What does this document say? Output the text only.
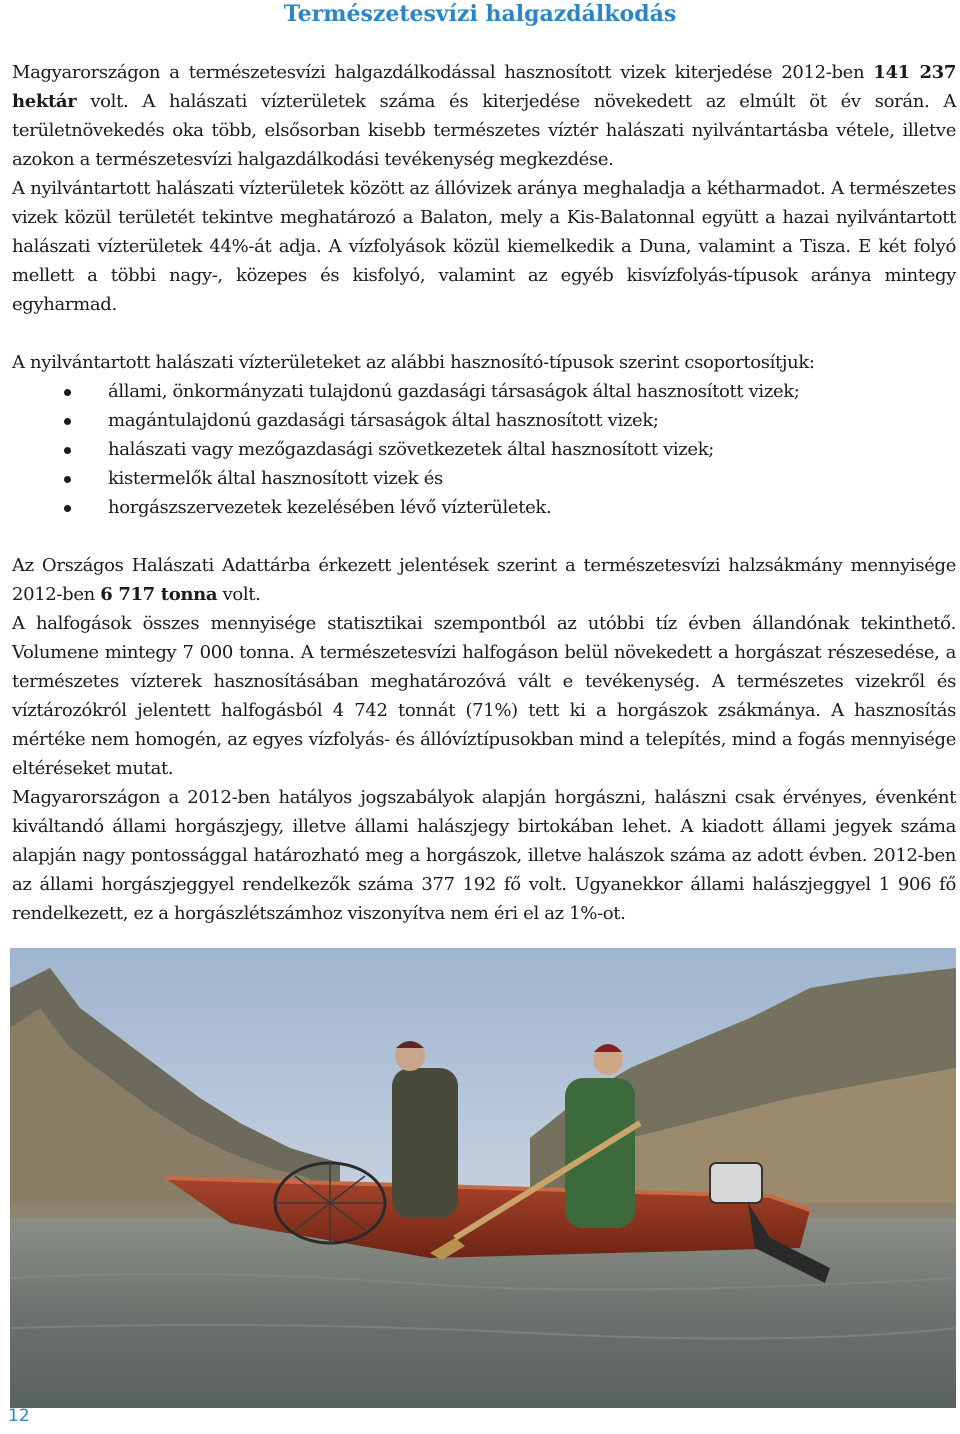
Természetesvízi halgazdálkodás

Magyarországon a természetesvízi halgazdálkodással hasznosított vizek kiterjedése 2012-ben 141 237 hektár volt. A halászati vízterületek száma és kiterjedése növekedett az elmúlt öt év során. A területnövekedés oka több, elsősorban kisebb természetes víztér halászati nyilvántartásba vétele, illetve azokon a természetesvízi halgazdálkodási tevékenység megkezdése.

A nyilvántartott halászati vízterületek között az állóvizek aránya meghaladja a kétharmadot. A természetes vizek közül területét tekintve meghatározó a Balaton, mely a Kis-Balatonnal együtt a hazai nyilvántartott halászati vízterületek 44%-át adja. A vízfolyások közül kiemelkedik a Duna, valamint a Tisza. E két folyó mellett a többi nagy-, közepes és kisfolyó, valamint az egyéb kisvízfolyás-típusok aránya mintegy egyharmad.

A nyilvántartott halászati vízterületeket az alábbi hasznosító-típusok szerint csoportosítjuk:

állami, önkormányzati tulajdonú gazdasági társaságok által hasznosított vizek;
magántulajdonú gazdasági társaságok által hasznosított vizek;
halászati vagy mezőgazdasági szövetkezetek által hasznosított vizek;
kistermelők által hasznosított vizek és
horgászszervezetek kezelésében lévő vízterületek.

Az Országos Halászati Adattárba érkezett jelentések szerint a természetesvízi halzsákmány mennyisége 2012-ben 6 717 tonna volt.

A halfogások összes mennyisége statisztikai szempontból az utóbbi tíz évben állandónak tekinthető. Volumene mintegy 7 000 tonna. A természetesvízi halfogáson belül növekedett a horgászat részesedése, a természetes vízterek hasznosításában meghatározóvá vált e tevékenység. A természetes vizekről és víztározókról jelentett halfogásból 4 742 tonnát (71%) tett ki a horgászok zsákmánya. A hasznosítás mértéke nem homogén, az egyes vízfolyás- és állóvíztípusokban mind a telepítés, mind a fogás mennyisége eltéréseket mutat.

Magyarországon a 2012-ben hatályos jogszabályok alapján horgászni, halászni csak érvényes, évenként kiváltandó állami horgászjegy, illetve állami halászjegy birtokában lehet. A kiadott állami jegyek száma alapján nagy pontossággal határozható meg a horgászok, illetve halászok száma az adott évben. 2012-ben az állami horgászjeggyel rendelkezők száma 377 192 fő volt. Ugyanekkor állami halászjeggyel 1 906 fő rendelkezett, ez a horgászlétszámhoz viszonyítva nem éri el az 1%-ot.

12
